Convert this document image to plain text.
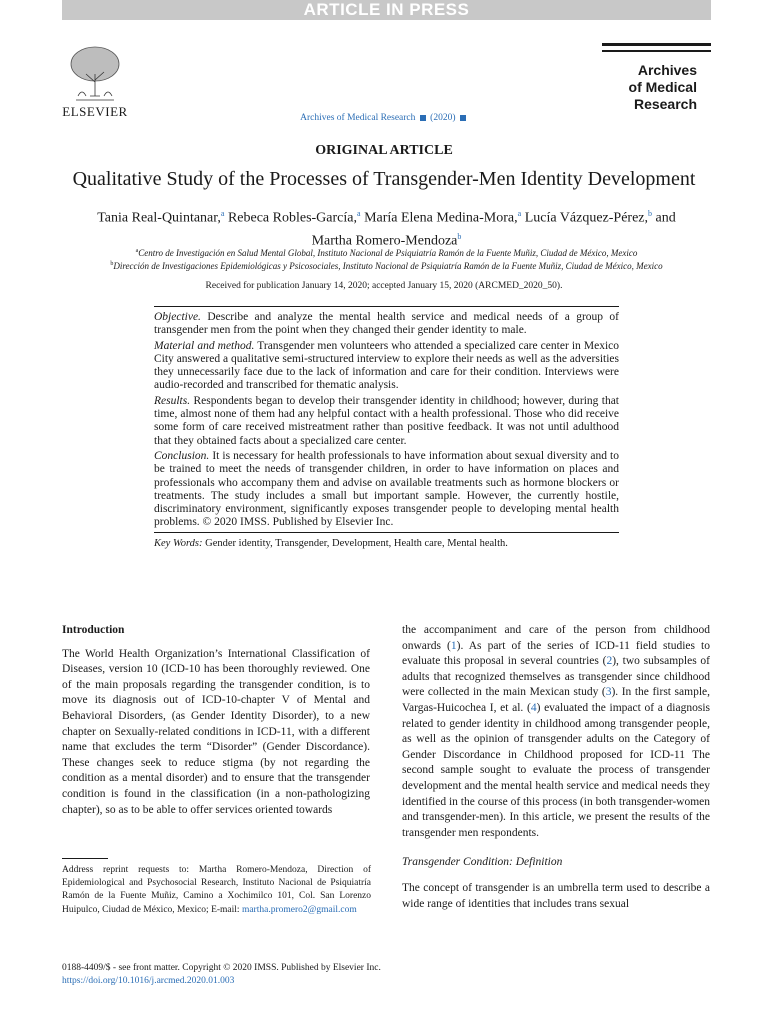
ARTICLE IN PRESS
ELSEVIER	Archives of Medical Research (2020)
Archives
of Medical
Research
ORIGINAL ARTICLE
Qualitative Study of the Processes of Transgender-Men Identity Development
Tania Real-Quintanar,$^a$ Rebeca Robles-García,$^a$ María Elena Medina-Mora,$^a$ Lucía Vázquez-Pérez,$^b$ and
Martha Romero-Mendoza$^b$
$^a$Centro de Investigación en Salud Mental Global, Instituto Nacional de Psiquiatría Ramón de la Fuente Muñiz, Ciudad de México, Mexico
$^b$Dirección de Investigaciones Epidemiológicas y Psicosociales, Instituto Nacional de Psiquiatría Ramón de la Fuente Muñiz, Ciudad de México, Mexico
Received for publication January 14, 2020; accepted January 15, 2020 (ARCMED_2020_50).

Objective. Describe and analyze the mental health service and medical needs of a group of transgender men from the point when they changed their gender identity to male.

Material and method. Transgender men volunteers who attended a specialized care center in Mexico City answered a qualitative semi-structured interview to explore their needs as well as the adversities they unnecessarily face due to the lack of information and care for their condition. Interviews were audio-recorded and transcribed for thematic analysis.

Results. Respondents began to develop their transgender identity in childhood; however, during that time, almost none of them had any helpful contact with a health professional. Those who did receive some form of care received mistreatment rather than positive feedback. It was not until adulthood that they obtained facts about a specialized care center.

Conclusion. It is necessary for health professionals to have information about sexual diversity and to be trained to meet the needs of transgender children, in order to have information on places and professionals who accompany them and advise on available treatments such as hormone blockers or treatments. The study includes a small but important sample. However, the currently hostile, discriminatory environment, significantly exposes transgender people to developing mental health problems. © 2020 IMSS. Published by Elsevier Inc.

Key Words: Gender identity, Transgender, Development, Health care, Mental health.

Introduction

The World Health Organization’s International Classification of Diseases, version 10 (ICD-10 has been thoroughly reviewed. One of the main proposals regarding the transgender condition, is to move its diagnosis out of ICD-10-chapter V of Mental and Behavioral Disorders, (as Gender Identity Disorder), to a new chapter on Sexually-related conditions in ICD-11, with a different name that excludes the term “Disorder” (Gender Discordance). These changes seek to reduce stigma (by not regarding the condition as a mental disorder) and to ensure that the transgender condition is found in the classification (in a non-pathologizing chapter), so as to be able to offer services oriented towards

the accompaniment and care of the person from childhood onwards (1). As part of the series of ICD-11 field studies to evaluate this proposal in several countries (2), two subsamples of adults that recognized themselves as transgender since childhood were collected in the main Mexican study (3). In the first sample, Vargas-Huicochea I, et al. (4) evaluated the impact of a diagnosis related to gender identity in childhood among transgender people, as well as the opinion of transgender adults on the Category of Gender Discordance in Childhood proposed for ICD-11 The second sample sought to evaluate the process of transgender development and the mental health service and medical needs they identified in the course of this process (in both transgender-women and transgender-men). In this article, we present the results of the transgender men respondents.

Transgender Condition: Definition

The concept of transgender is an umbrella term used to describe a wide range of identities that includes trans sexual

Address reprint requests to: Martha Romero-Mendoza, Direction of Epidemiological and Psychosocial Research, Instituto Nacional de Psiquiatría Ramón de la Fuente Muñiz, Camino a Xochimilco 101, Col. San Lorenzo Huipulco, Ciudad de México, Mexico; E-mail: martha.promero2@gmail.com
0188-4409/$ - see front matter. Copyright © 2020 IMSS. Published by Elsevier Inc.
https://doi.org/10.1016/j.arcmed.2020.01.003
